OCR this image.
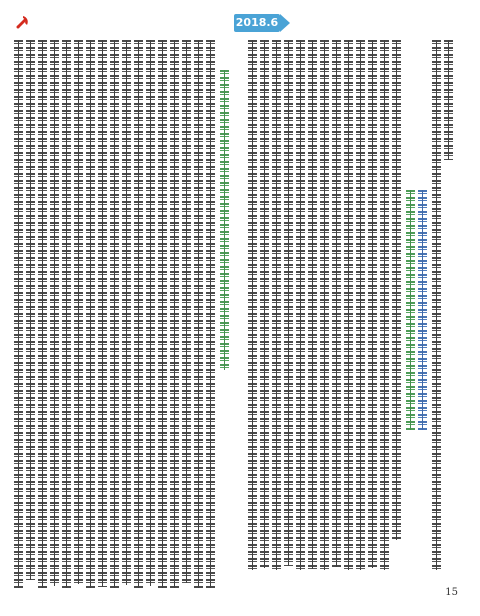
2018.6
15
